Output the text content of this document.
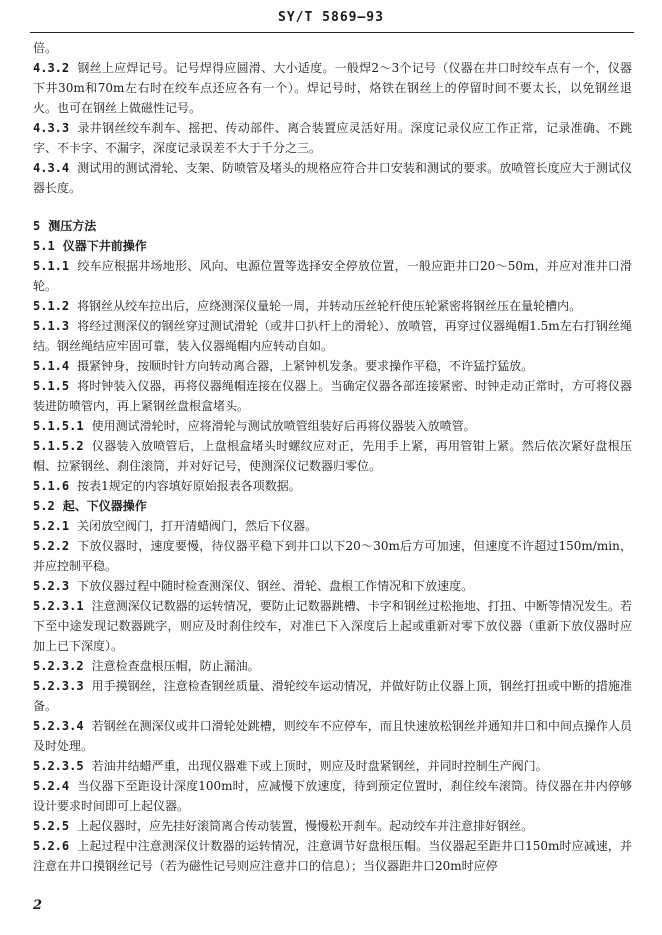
SY/T 5869—93

倍。

4.3.2 钢丝上应焊记号。记号焊得应圆滑、大小适度。一般焊2～3个记号（仪器在井口时绞车点有一个，仪器下井30m和70m左右时在绞车点还应各有一个）。焊记号时，烙铁在钢丝上的停留时间不要太长，以免钢丝退火。也可在钢丝上做磁性记号。

4.3.3 录井钢丝绞车刹车、摇把、传动部件、离合装置应灵活好用。深度记录仪应工作正常，记录准确、不跳字、不卡字、不漏字，深度记录误差不大于千分之三。

4.3.4 测试用的测试滑轮、支架、防喷管及堵头的规格应符合井口安装和测试的要求。放喷管长度应大于测试仪器长度。

5 测压方法

5.1 仪器下井前操作

5.1.1 绞车应根据井场地形、风向、电源位置等选择安全停放位置，一般应距井口20～50m，并应对准井口滑轮。

5.1.2 将钢丝从绞车拉出后，应绕测深仪量轮一周，并转动压丝轮杆使压轮紧密将钢丝压在量轮槽内。

5.1.3 将经过测深仪的钢丝穿过测试滑轮（或井口扒杆上的滑轮）、放喷管，再穿过仪器绳帽1.5m左右打钢丝绳结。钢丝绳结应牢固可靠，装入仪器绳帽内应转动自如。

5.1.4 摄紧钟身，按顺时针方向转动离合器，上紧钟机发条。要求操作平稳，不许猛拧猛放。

5.1.5 将时钟装入仪器，再将仪器绳帽连接在仪器上。当确定仪器各部连接紧密、时钟走动正常时，方可将仪器装进防喷管内，再上紧钢丝盘根盒堵头。

5.1.5.1 使用测试滑轮时，应将滑轮与测试放喷管组装好后再将仪器装入放喷管。

5.1.5.2 仪器装入放喷管后，上盘根盒堵头时螺纹应对正，先用手上紧，再用管钳上紧。然后依次紧好盘根压帽、拉紧钢丝、刹住滚筒，并对好记号，使测深仪记数器归零位。

5.1.6 按表1规定的内容填好原始报表各项数据。

5.2 起、下仪器操作

5.2.1 关闭放空阀门，打开清蜡阀门，然后下仪器。

5.2.2 下放仪器时，速度要慢，待仪器平稳下到井口以下20～30m后方可加速，但速度不许超过150m/min，并应控制平稳。

5.2.3 下放仪器过程中随时检查测深仪、钢丝、滑轮、盘根工作情况和下放速度。

5.2.3.1 注意测深仪记数器的运转情况，要防止记数器跳槽、卡字和钢丝过松拖地、打扭、中断等情况发生。若下至中途发现记数器跳字，则应及时刹住绞车，对准已下入深度后上起或重新对零下放仪器（重新下放仪器时应加上已下深度）。

5.2.3.2 注意检查盘根压帽，防止漏油。

5.2.3.3 用手摸钢丝，注意检查钢丝质量、滑轮绞车运动情况，并做好防止仪器上顶，钢丝打扭或中断的措施准备。

5.2.3.4 若钢丝在测深仪或井口滑轮处跳槽，则绞车不应停车，而且快速放松钢丝并通知井口和中间点操作人员及时处理。

5.2.3.5 若油井结蜡严重，出现仪器难下或上顶时，则应及时盘紧钢丝，并同时控制生产阀门。

5.2.4 当仪器下至距设计深度100m时，应减慢下放速度，待到预定位置时，刹住绞车滚筒。待仪器在井内停够设计要求时间即可上起仪器。

5.2.5 上起仪器时，应先挂好滚筒离合传动装置，慢慢松开刹车。起动绞车并注意排好钢丝。

5.2.6 上起过程中注意测深仪计数器的运转情况，注意调节好盘根压帽。当仪器起至距井口150m时应减速，并注意在井口摸钢丝记号（若为磁性记号则应注意井口的信息）；当仪器距井口20m时应停

2
